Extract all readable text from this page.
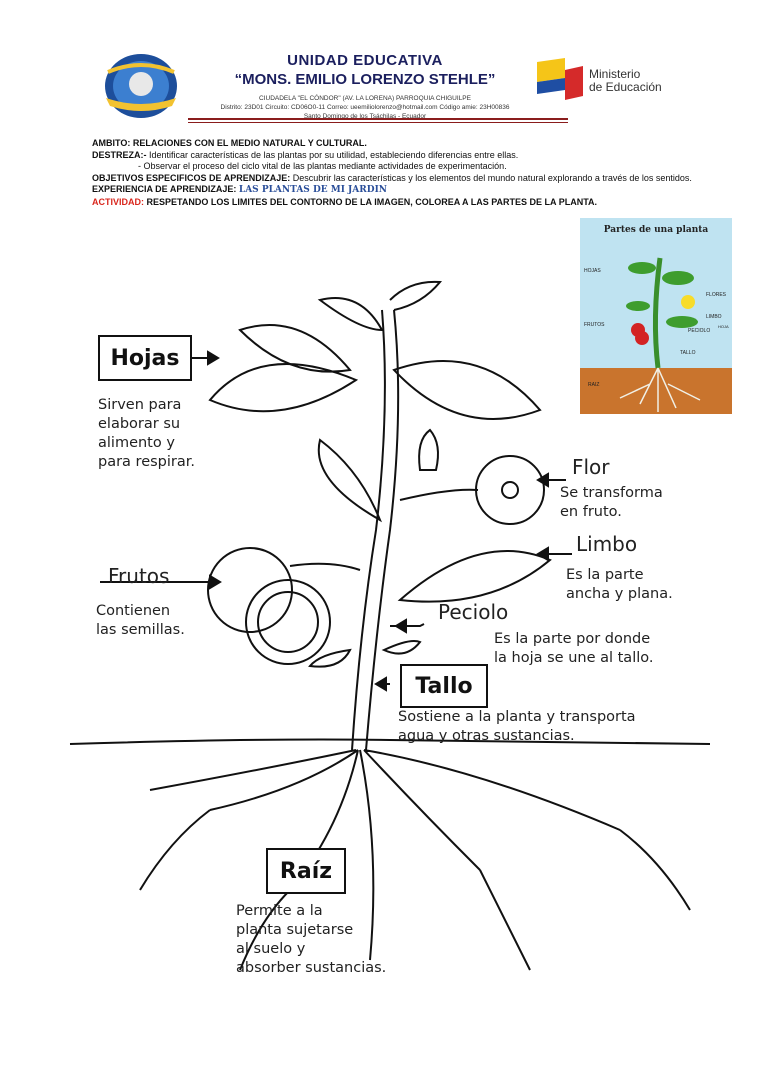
UNIDAD EDUCATIVA
“MONS. EMILIO LORENZO STEHLE”
CIUDADELA "EL CÓNDOR" (AV. LA LORENA) PARROQUIA CHIGUILPE
Distrito: 23D01 Circuito: CD06O0-11 Correo: ueemiliolorenzo@hotmail.com Código amie: 23H00836
Santo Domingo de los Tsáchilas - Ecuador
Ministerio
de Educación
AMBITO: RELACIONES CON EL MEDIO NATURAL Y CULTURAL.
DESTREZA:- Identificar características de las plantas por su utilidad, estableciendo diferencias entre ellas.
- Observar el proceso del ciclo vital de las plantas mediante actividades de experimentación.
OBJETIVOS ESPECIFICOS DE APRENDIZAJE: Descubrir las características y los elementos del mundo natural explorando a través de los sentidos.
EXPERIENCIA DE APRENDIZAJE: LAS PLANTAS DE MI JARDIN
ACTIVIDAD: RESPETANDO LOS LIMITES DEL CONTORNO DE LA IMAGEN, COLOREA A LAS PARTES DE LA PLANTA.
Partes de una planta
HOJAS
FLORES
LIMBO
FRUTOS
PECIOLO
HOJA
TALLO
RAIZ
Hojas
Sirven para
elaborar su
alimento y
para respirar.	Flor
Se transforma
en fruto.
Limbo
Es la parte
ancha y plana.
Frutos
Contienen
las semillas.
Peciolo
Es la parte por donde
la hoja se une al tallo.
Tallo
Sostiene a la planta y transporta
agua y otras sustancias.
Raíz
Permite a la
planta sujetarse
al suelo y
absorber sustancias.
